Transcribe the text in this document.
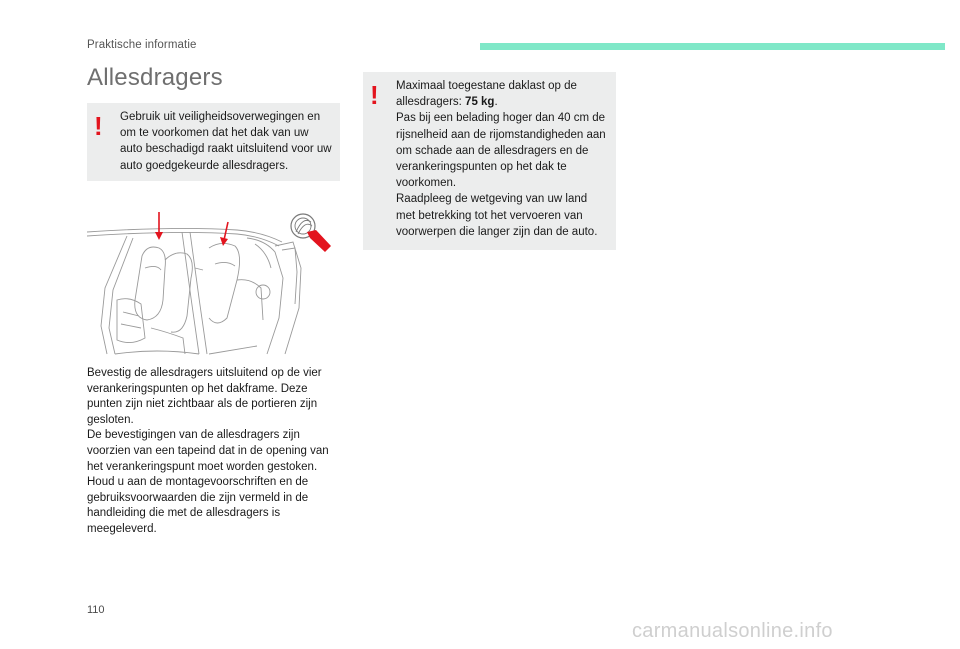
Praktische informatie
Allesdragers
! Gebruik uit veiligheidsoverwegingen en om te voorkomen dat het dak van uw auto beschadigd raakt uitsluitend voor uw auto goedgekeurde allesdragers.

Bevestig de allesdragers uitsluitend op de vier verankeringspunten op het dakframe. Deze punten zijn niet zichtbaar als de portieren zijn gesloten.
De bevestigingen van de allesdragers zijn voorzien van een tapeind dat in de opening van het verankeringspunt moet worden gestoken.
Houd u aan de montagevoorschriften en de gebruiksvoorwaarden die zijn vermeld in de handleiding die met de allesdragers is meegeleverd.
! Maximaal toegestane daklast op de allesdragers: 75 kg.

Pas bij een belading hoger dan 40 cm de rijsnelheid aan de rijomstandigheden aan om schade aan de allesdragers en de verankeringspunten op het dak te voorkomen.

Raadpleeg de wetgeving van uw land met betrekking tot het vervoeren van voorwerpen die langer zijn dan de auto.

110
carmanualsonline.info
